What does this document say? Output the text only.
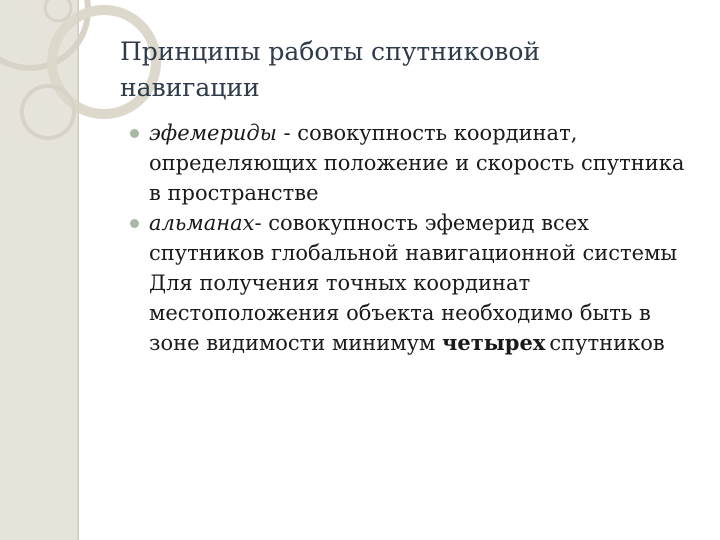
Принципы работы спутниковой навигации
эфемериды - совокупность координат, определяющих положение и скорость спутника в пространстве
альманах- совокупность эфемерид всех спутников глобальной навигационной системы
Для получения точных координат местоположения объекта необходимо быть в зоне видимости минимум четырех спутников
